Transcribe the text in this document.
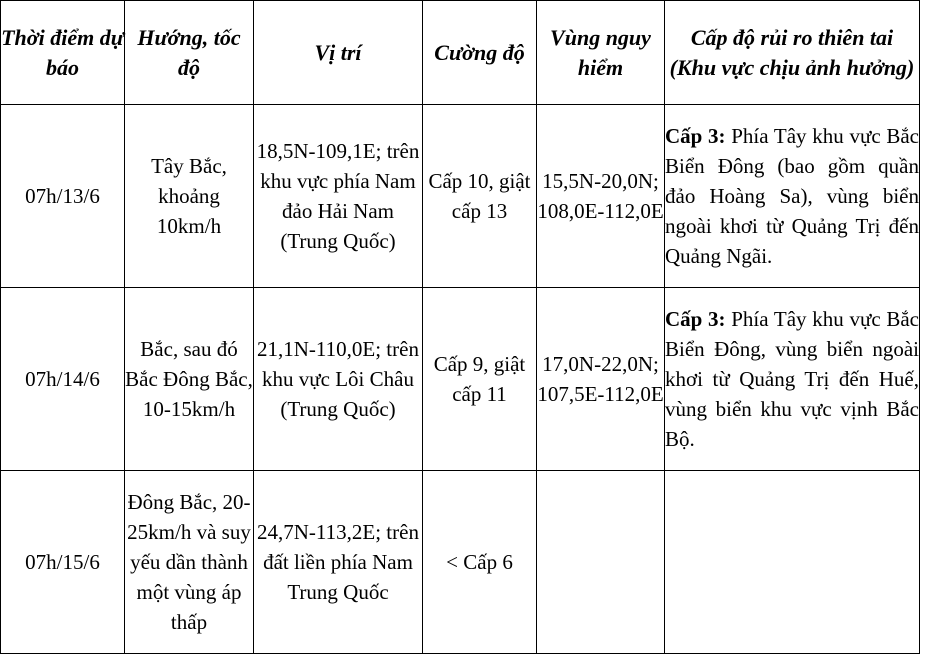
Thời điểm dự báo	Hướng, tốc độ	Vị trí	Cường độ	Vùng nguy hiểm	Cấp độ rủi ro thiên tai (Khu vực chịu ảnh hưởng)
07h/13/6	Tây Bắc, khoảng 10km/h	18,5N-109,1E; trên khu vực phía Nam đảo Hải Nam (Trung Quốc)	Cấp 10, giật cấp 13	15,5N-20,0N; 108,0E-112,0E	Cấp 3: Phía Tây khu vực Bắc Biển Đông (bao gồm quần đảo Hoàng Sa), vùng biển ngoài khơi từ Quảng Trị đến Quảng Ngãi.
07h/14/6	Bắc, sau đó Bắc Đông Bắc, 10-15km/h	21,1N-110,0E; trên khu vực Lôi Châu (Trung Quốc)	Cấp 9, giật cấp 11	17,0N-22,0N; 107,5E-112,0E	Cấp 3: Phía Tây khu vực Bắc Biển Đông, vùng biển ngoài khơi từ Quảng Trị đến Huế, vùng biển khu vực vịnh Bắc Bộ.
07h/15/6	Đông Bắc, 20-25km/h và suy yếu dần thành một vùng áp thấp	24,7N-113,2E; trên đất liền phía Nam Trung Quốc	< Cấp 6		
